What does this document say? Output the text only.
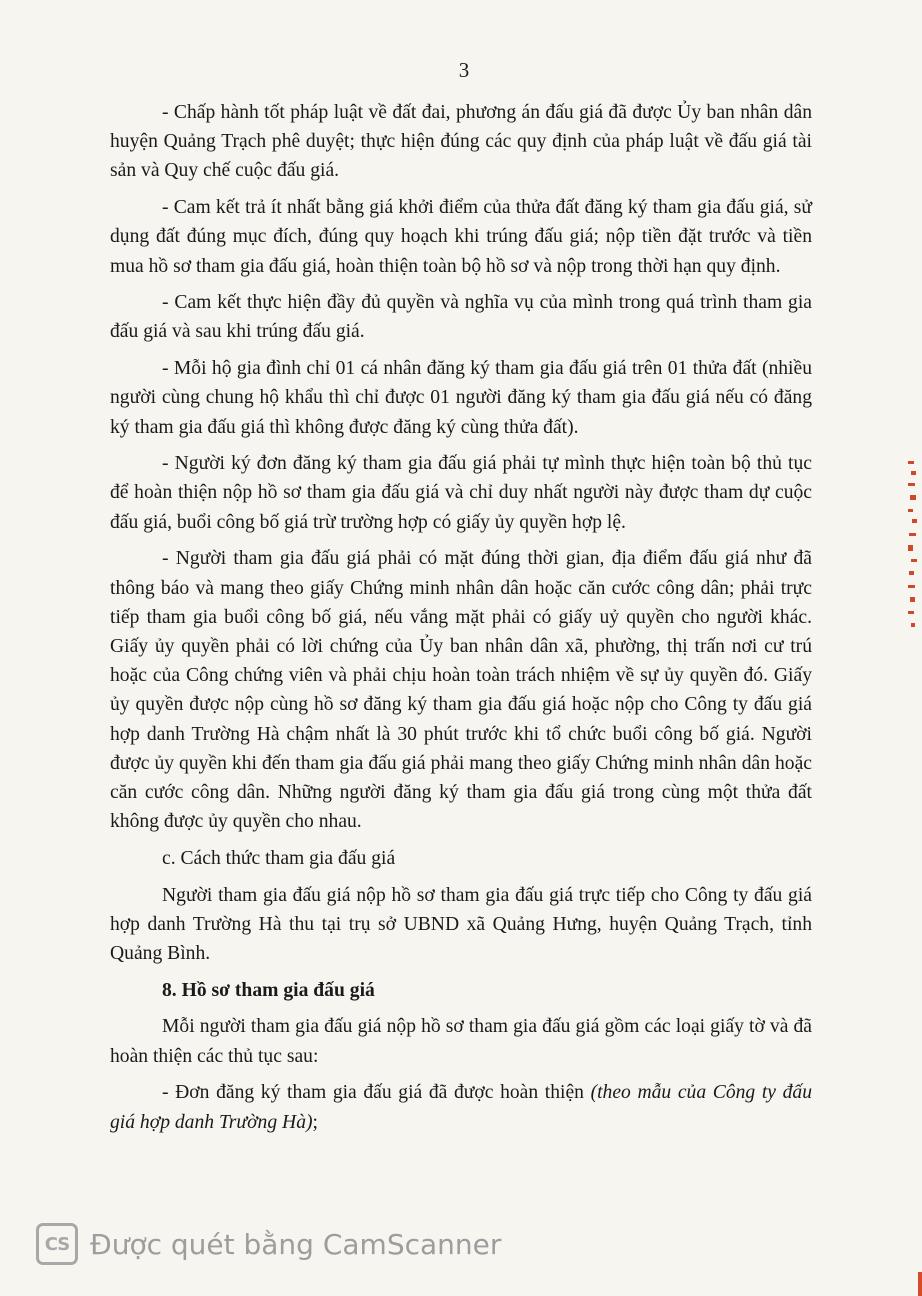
3

- Chấp hành tốt pháp luật về đất đai, phương án đấu giá đã được Ủy ban nhân dân huyện Quảng Trạch phê duyệt; thực hiện đúng các quy định của pháp luật về đấu giá tài sản và Quy chế cuộc đấu giá.

- Cam kết trả ít nhất bằng giá khởi điểm của thửa đất đăng ký tham gia đấu giá, sử dụng đất đúng mục đích, đúng quy hoạch khi trúng đấu giá; nộp tiền đặt trước và tiền mua hồ sơ tham gia đấu giá, hoàn thiện toàn bộ hồ sơ và nộp trong thời hạn quy định.

- Cam kết thực hiện đầy đủ quyền và nghĩa vụ của mình trong quá trình tham gia đấu giá và sau khi trúng đấu giá.

- Mỗi hộ gia đình chỉ 01 cá nhân đăng ký tham gia đấu giá trên 01 thửa đất (nhiều người cùng chung hộ khẩu thì chỉ được 01 người đăng ký tham gia đấu giá nếu có đăng ký tham gia đấu giá thì không được đăng ký cùng thửa đất).

- Người ký đơn đăng ký tham gia đấu giá phải tự mình thực hiện toàn bộ thủ tục để hoàn thiện nộp hồ sơ tham gia đấu giá và chỉ duy nhất người này được tham dự cuộc đấu giá, buổi công bố giá trừ trường hợp có giấy ủy quyền hợp lệ.

- Người tham gia đấu giá phải có mặt đúng thời gian, địa điểm đấu giá như đã thông báo và mang theo giấy Chứng minh nhân dân hoặc căn cước công dân; phải trực tiếp tham gia buổi công bố giá, nếu vắng mặt phải có giấy uỷ quyền cho người khác. Giấy ủy quyền phải có lời chứng của Ủy ban nhân dân xã, phường, thị trấn nơi cư trú hoặc của Công chứng viên và phải chịu hoàn toàn trách nhiệm về sự ủy quyền đó. Giấy ủy quyền được nộp cùng hồ sơ đăng ký tham gia đấu giá hoặc nộp cho Công ty đấu giá hợp danh Trường Hà chậm nhất là 30 phút trước khi tổ chức buổi công bố giá. Người được ủy quyền khi đến tham gia đấu giá phải mang theo giấy Chứng minh nhân dân hoặc căn cước công dân. Những người đăng ký tham gia đấu giá trong cùng một thửa đất không được ủy quyền cho nhau.

c. Cách thức tham gia đấu giá

Người tham gia đấu giá nộp hồ sơ tham gia đấu giá trực tiếp cho Công ty đấu giá hợp danh Trường Hà thu tại trụ sở UBND xã Quảng Hưng, huyện Quảng Trạch, tỉnh Quảng Bình.

8. Hồ sơ tham gia đấu giá

Mỗi người tham gia đấu giá nộp hồ sơ tham gia đấu giá gồm các loại giấy tờ và đã hoàn thiện các thủ tục sau:

- Đơn đăng ký tham gia đấu giá đã được hoàn thiện (theo mẫu của Công ty đấu giá hợp danh Trường Hà);

CS Được quét bằng CamScanner
